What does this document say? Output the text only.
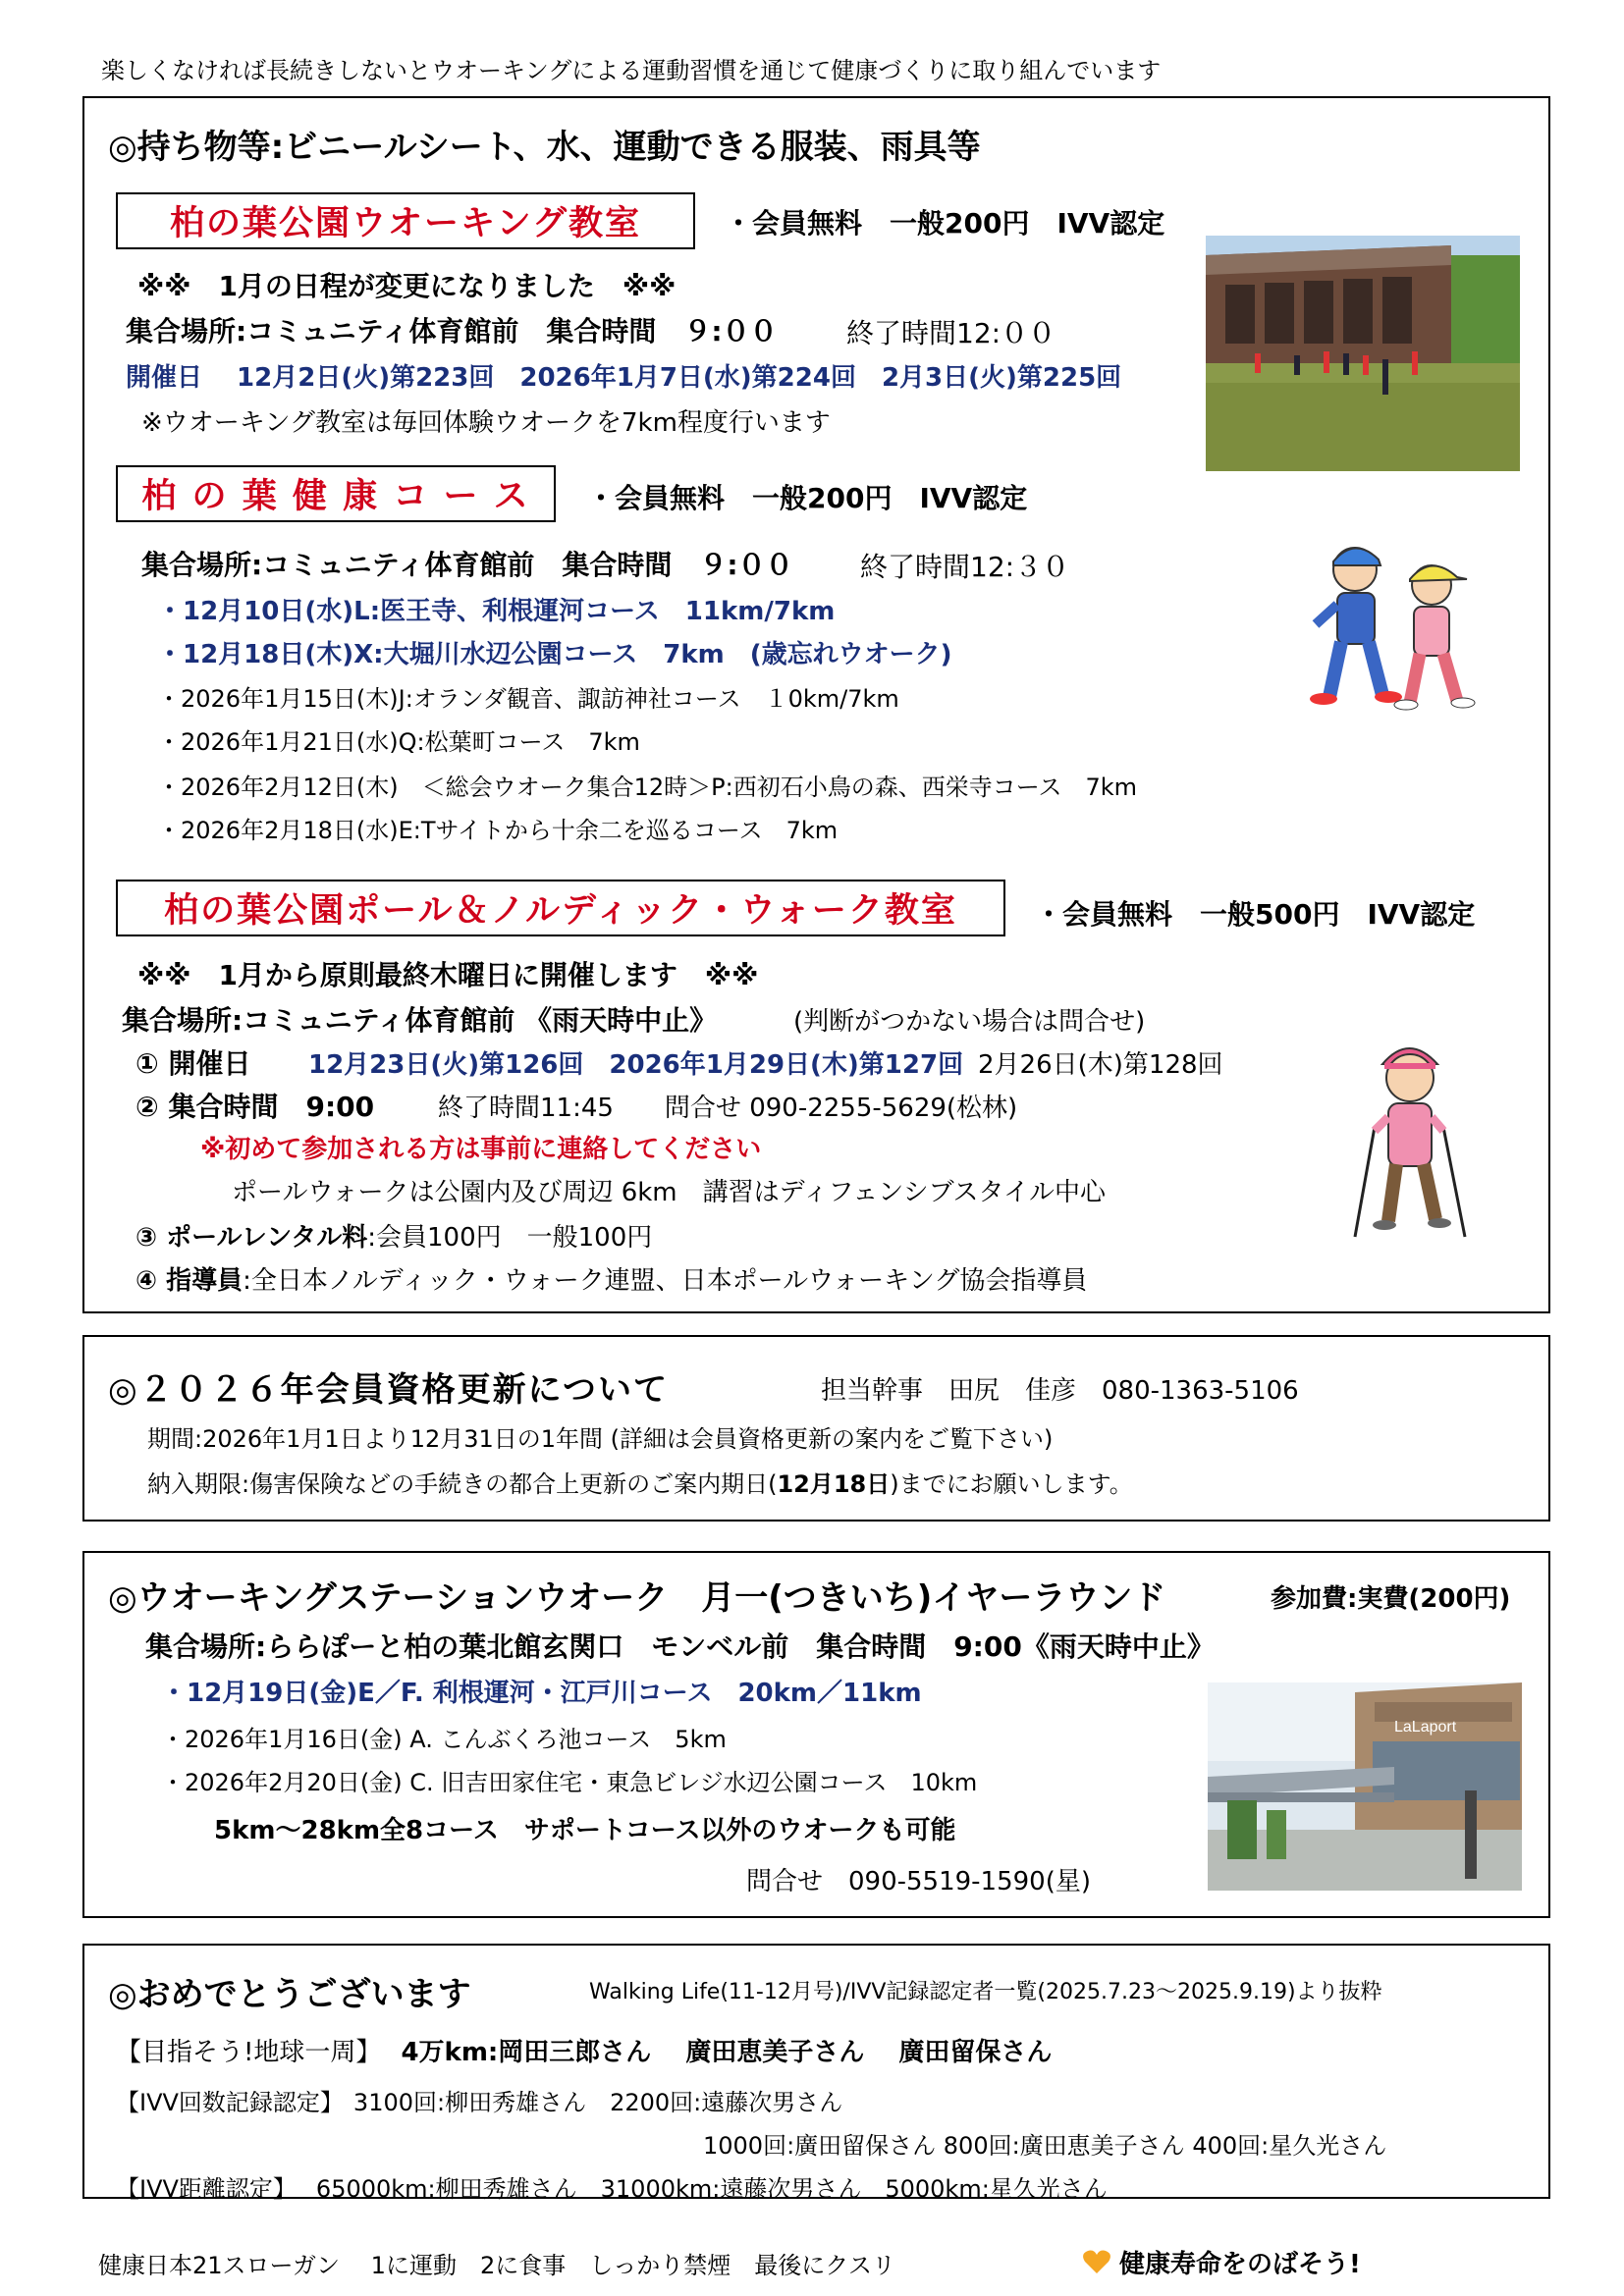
楽しくなければ長続きしないとウオーキングによる運動習慣を通じて健康づくりに取り組んでいます
◎持ち物等:ビニールシート、水、運動できる服装、雨具等
柏の葉公園ウオーキング教室	・会員無料　一般200円　IVV認定
※※　1月の日程が変更になりました　※※
集合場所:コミュニティ体育館前　集合時間　９:００	終了時間12:００
開催日　 12月2日(火)第223回　2026年1月7日(水)第224回　2月3日(火)第225回
※ウオーキング教室は毎回体験ウオークを7km程度行います
柏 の 葉 健 康 コ ー ス	・会員無料　一般200円　IVV認定
集合場所:コミュニティ体育館前　集合時間　９:００ 終了時間12:３０
・12月10日(水)L:医王寺、利根運河コース　11km/7km
・12月18日(木)X:大堀川水辺公園コース　7km　(歳忘れウオーク)
・2026年1月15日(木)J:オランダ観音、諏訪神社コース　１0km/7km
・2026年1月21日(水)Q:松葉町コース　7km
・2026年2月12日(木)　＜総会ウオーク集合12時＞P:西初石小鳥の森、西栄寺コース　7km
・2026年2月18日(水)E:Tサイトから十余二を巡るコース　7km
柏の葉公園ポール＆ノルディック・ウォーク教室	・会員無料　一般500円　IVV認定
※※　1月から原則最終木曜日に開催します　※※
集合場所:コミュニティ体育館前 《雨天時中止》	(判断がつかない場合は問合せ)
① 開催日 12月23日(火)第126回　2026年1月29日(木)第127回 2月26日(木)第128回
② 集合時間　9:00 終了時間11:45　　問合せ 090-2255-5629(松林)
※初めて参加される方は事前に連絡してください
ポールウォークは公園内及び周辺 6km　講習はディフェンシブスタイル中心
③ ポールレンタル料:会員100円　一般100円
④ 指導員:全日本ノルディック・ウォーク連盟、日本ポールウォーキング協会指導員
◎２０２６年会員資格更新について	担当幹事　田尻　佳彦　080-1363-5106
期間:2026年1月1日より12月31日の1年間 (詳細は会員資格更新の案内をご覧下さい)
納入期限:傷害保険などの手続きの都合上更新のご案内期日(12月18日)までにお願いします。
◎ウオーキングステーションウオーク　月一(つきいち)イヤーラウンド	参加費:実費(200円)
集合場所:ららぽーと柏の葉北館玄関口　モンベル前　集合時間　9:00《雨天時中止》
・12月19日(金)E／F. 利根運河・江戸川コース　20km／11km
・2026年1月16日(金) A. こんぶくろ池コース　5km
・2026年2月20日(金) C. 旧吉田家住宅・東急ビレジ水辺公園コース　10km
5km～28km全8コース　サポートコース以外のウオークも可能
問合せ　090-5519-1590(星)
LaLaport
◎おめでとうございます	Walking Life(11-12月号)/IVV記録認定者一覧(2025.7.23～2025.9.19)より抜粋
【目指そう!地球一周】 4万km:岡田三郎さん　 廣田恵美子さん　 廣田留保さん
【IVV回数記録認定】 3100回:柳田秀雄さん　2200回:遠藤次男さん
1000回:廣田留保さん 800回:廣田恵美子さん 400回:星久光さん
【IVV距離認定】 65000km:柳田秀雄さん　31000km:遠藤次男さん　5000km:星久光さん
健康日本21スローガン　 1に運動　2に食事　しっかり禁煙　最後にクスリ	健康寿命をのばそう!
